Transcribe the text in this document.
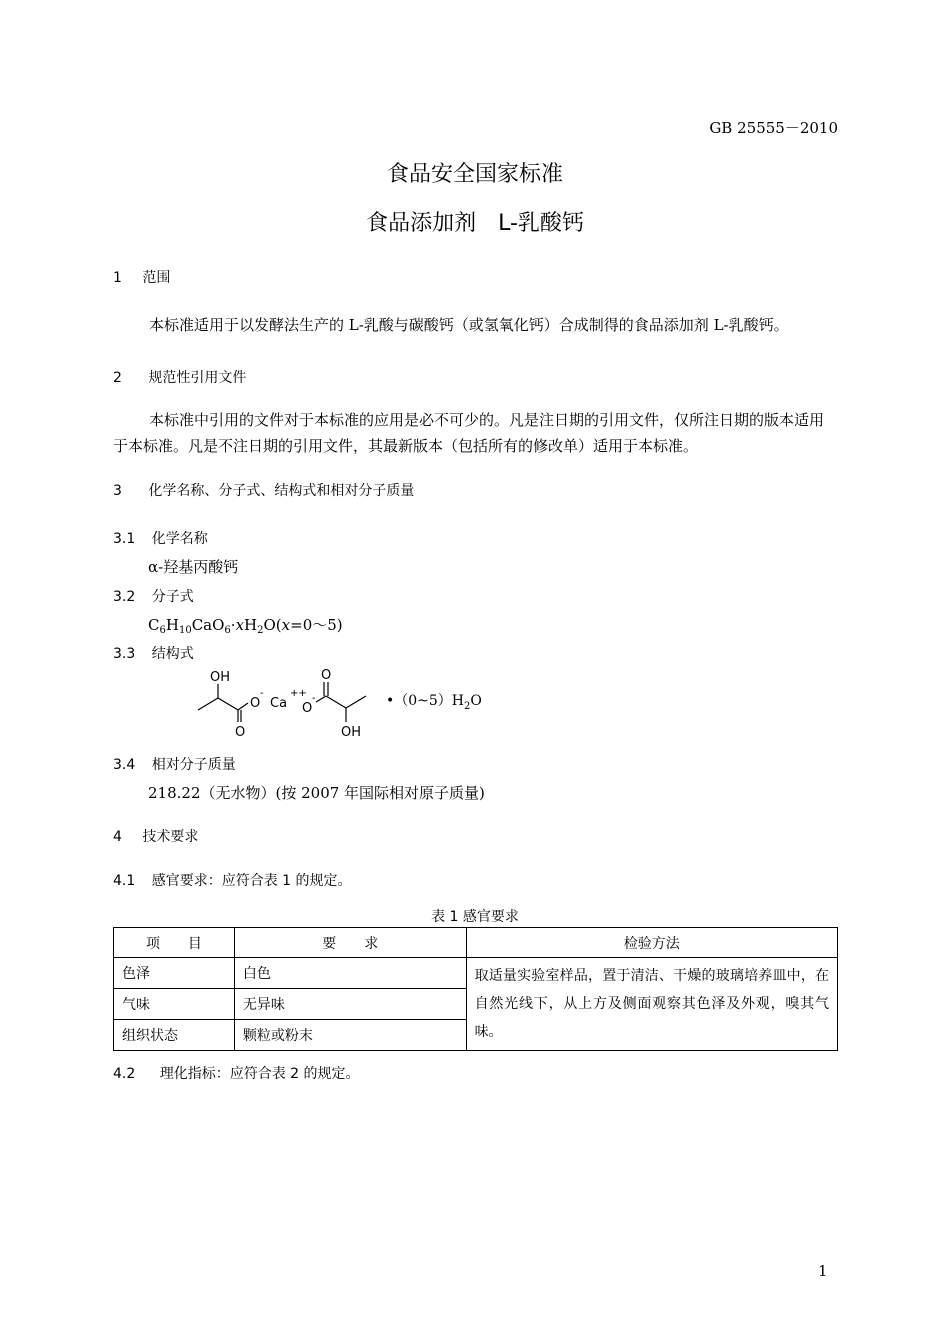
GB 25555－2010
食品安全国家标准
食品添加剂　L-乳酸钙
1 范围
本标准适用于以发酵法生产的 L-乳酸与碳酸钙（或氢氧化钙）合成制得的食品添加剂 L-乳酸钙。
2 规范性引用文件
本标准中引用的文件对于本标准的应用是必不可少的。凡是注日期的引用文件，仅所注日期的版本适用于本标准。凡是不注日期的引用文件，其最新版本（包括所有的修改单）适用于本标准。
3 化学名称、分子式、结构式和相对分子质量
3.1 化学名称
α-羟基丙酸钙
3.2 分子式
$C_6H_{10}CaO_6\cdot xH_2O(x=0\sim 5)$
3.3 结构式
OH
O
-
O
Ca
++
O
-
O
OH
$•(0\sim 5)H_2O$
3.4 相对分子质量
218.22（无水物）(按 2007 年国际相对原子质量)
4 技术要求
4.1 感官要求：应符合表 1 的规定。
表 1 感官要求
项　　目	要　　求	检验方法
色泽	白色	取适量实验室样品，置于清洁、干燥的玻璃培养皿中，在自然光线下，从上方及侧面观察其色泽及外观，嗅其气味。
气味	无异味	
组织状态	颗粒或粉末	
4.2 理化指标：应符合表 2 的规定。
1
